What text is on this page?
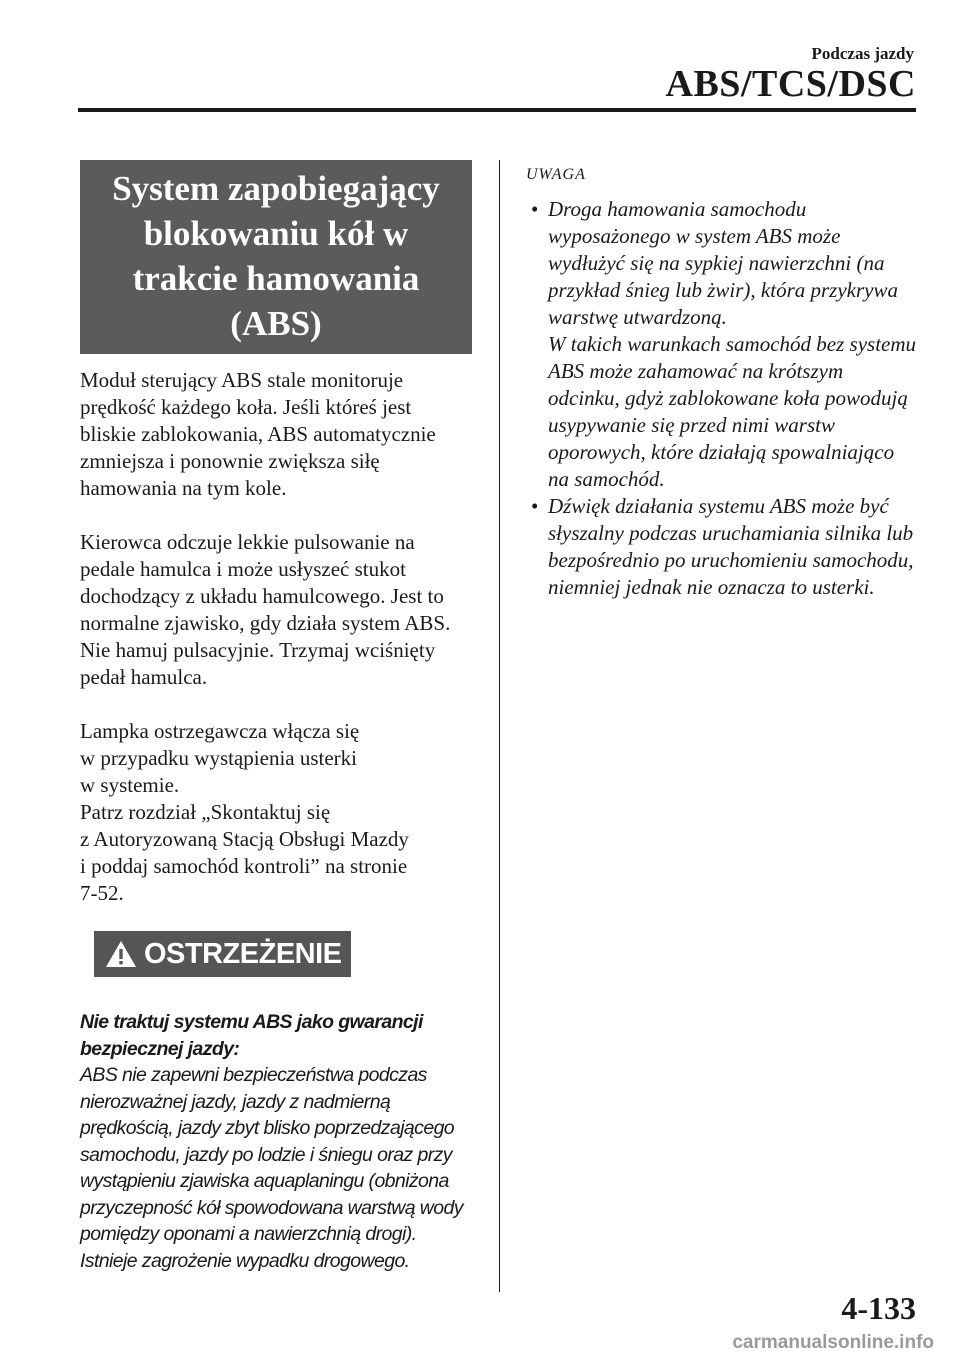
Podczas jazdy
ABS/TCS/DSC
System zapobiegający blokowaniu kół w trakcie hamowania (ABS)

Moduł sterujący ABS stale monitoruje prędkość każdego koła. Jeśli któreś jest bliskie zablokowania, ABS automatycznie zmniejsza i ponownie zwiększa siłę hamowania na tym kole.

Kierowca odczuje lekkie pulsowanie na pedale hamulca i może usłyszeć stukot dochodzący z układu hamulcowego. Jest to normalne zjawisko, gdy działa system ABS. Nie hamuj pulsacyjnie. Trzymaj wciśnięty pedał hamulca.

Lampka ostrzegawcza włącza się
w przypadku wystąpienia usterki
w systemie.
Patrz rozdział „Skontaktuj się
z Autoryzowaną Stacją Obsługi Mazdy
i poddaj samochód kontroli” na stronie
7-52.

OSTRZEŻENIE
Nie traktuj systemu ABS jako gwarancji bezpiecznej jazdy:
ABS nie zapewni bezpieczeństwa podczas nierozważnej jazdy, jazdy z nadmierną prędkością, jazdy zbyt blisko poprzedzającego samochodu, jazdy po lodzie i śniegu oraz przy wystąpieniu zjawiska aquaplaningu (obniżona przyczepność kół spowodowana warstwą wody pomiędzy oponami a nawierzchnią drogi). Istnieje zagrożenie wypadku drogowego.
UWAGA
• Droga hamowania samochodu wyposażonego w system ABS może wydłużyć się na sypkiej nawierzchni (na przykład śnieg lub żwir), która przykrywa warstwę utwardzoną.
W takich warunkach samochód bez systemu ABS może zahamować na krótszym odcinku, gdyż zablokowane koła powodują usypywanie się przed nimi warstw oporowych, które działają spowalniająco na samochód.
• Dźwięk działania systemu ABS może być słyszalny podczas uruchamiania silnika lub bezpośrednio po uruchomieniu samochodu, niemniej jednak nie oznacza to usterki.
4-133
carmanualsonline.info
